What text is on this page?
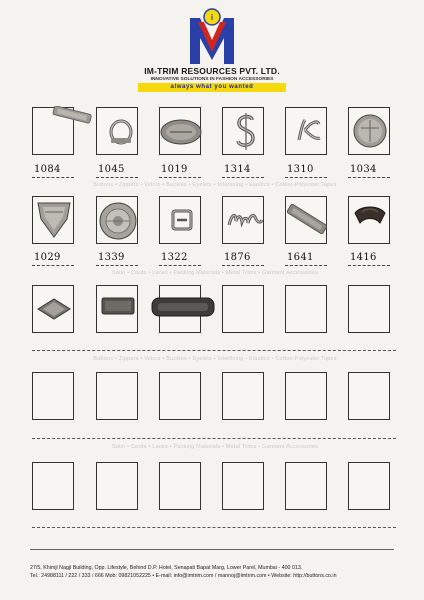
i
IM-TRIM RESOURCES PVT. LTD.
INNOVATIVE SOLUTIONS IN FASHION ACCESSORIES
always what you wanted
1084	1045	1019	1314	1310	1034
Buttons • Zippers • Velcro • Buckles • Eyelets • Interlining • Elastics • Cotton-Polyester Tapes
1029	1339	1322	1876	1641	1416
Satin • Cords • Laces • Packing Materials • Metal Trims • Garment Accessories
Buttons • Zippers • Velcro • Buckles • Eyelets • Interlining • Elastics • Cotton-Polyester Tapes
Satin • Cords • Laces • Packing Materials • Metal Trims • Garment Accessories
27/5, Khimji Nagji Building, Opp. Lifestyle, Behind D.P. Hotel, Senapati Bapat Marg, Lower Parel, Mumbai - 400 013.
Tel.: 24988111 / 222 / 333 / 666 Mob: 09821052225 • E-mail: info@imtrim.com / mannoj@imtrim.com • Website: http://buttons.co.in
